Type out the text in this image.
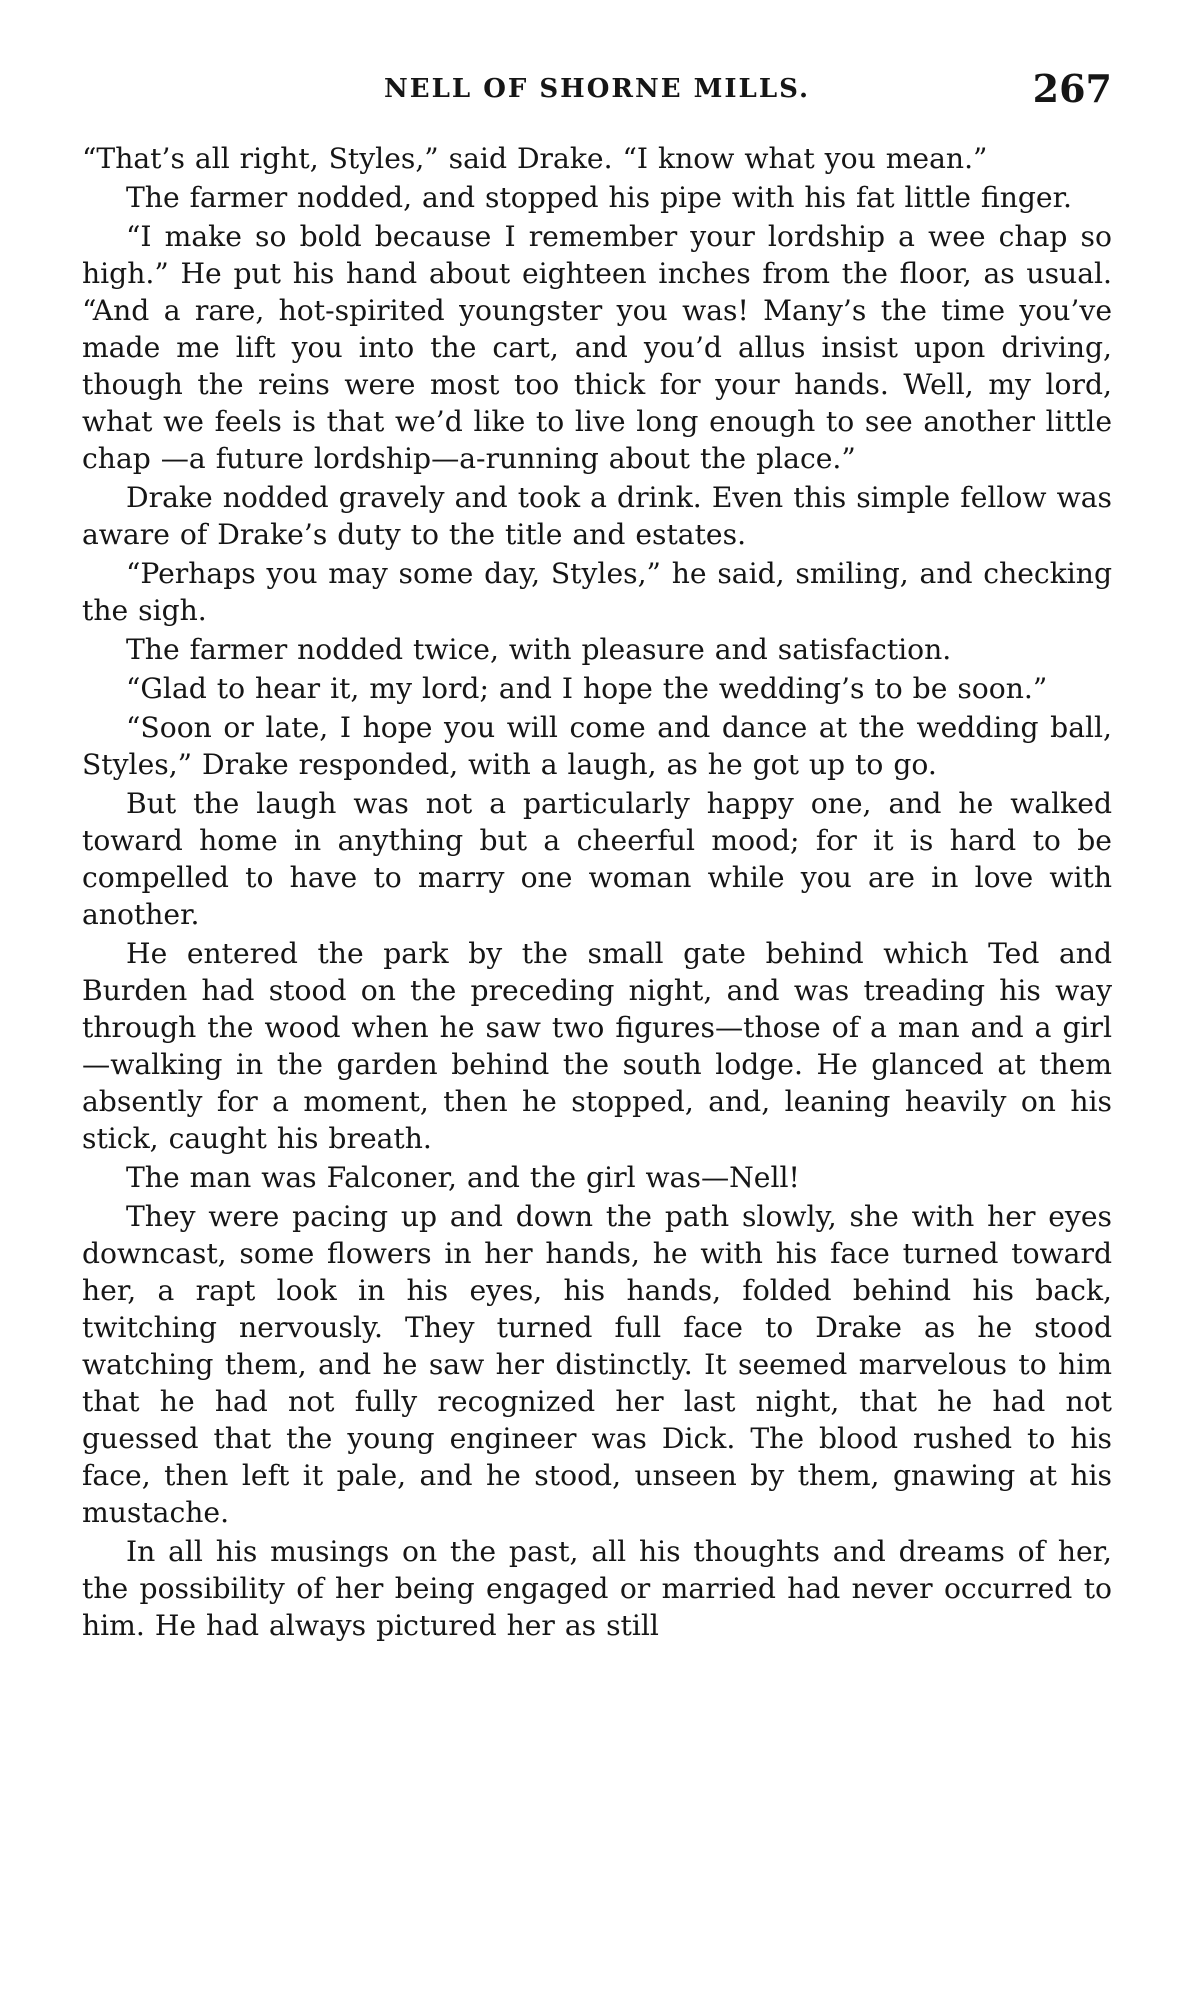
NELL OF SHORNE MILLS.	267

“That’s all right, Styles,” said Drake. “I know what you mean.”

The farmer nodded, and stopped his pipe with his fat little finger.

“I make so bold because I remember your lordship a wee chap so high.” He put his hand about eighteen inches from the floor, as usual. “And a rare, hot-spirited youngster you was! Many’s the time you’ve made me lift you into the cart, and you’d allus insist upon driving, though the reins were most too thick for your hands. Well, my lord, what we feels is that we’d like to live long enough to see another little chap —a future lordship—a-running about the place.”

Drake nodded gravely and took a drink. Even this simple fellow was aware of Drake’s duty to the title and estates.

“Perhaps you may some day, Styles,” he said, smiling, and checking the sigh.

The farmer nodded twice, with pleasure and satisfaction.

“Glad to hear it, my lord; and I hope the wedding’s to be soon.”

“Soon or late, I hope you will come and dance at the wedding ball, Styles,” Drake responded, with a laugh, as he got up to go.

But the laugh was not a particularly happy one, and he walked toward home in anything but a cheerful mood; for it is hard to be compelled to have to marry one woman while you are in love with another.

He entered the park by the small gate behind which Ted and Burden had stood on the preceding night, and was treading his way through the wood when he saw two figures—those of a man and a girl—walking in the garden behind the south lodge. He glanced at them absently for a moment, then he stopped, and, leaning heavily on his stick, caught his breath.

The man was Falconer, and the girl was—Nell!

They were pacing up and down the path slowly, she with her eyes downcast, some flowers in her hands, he with his face turned toward her, a rapt look in his eyes, his hands, folded behind his back, twitching nervously. They turned full face to Drake as he stood watching them, and he saw her distinctly. It seemed marvelous to him that he had not fully recognized her last night, that he had not guessed that the young engineer was Dick. The blood rushed to his face, then left it pale, and he stood, unseen by them, gnawing at his mustache.

In all his musings on the past, all his thoughts and dreams of her, the possibility of her being engaged or married had never occurred to him. He had always pictured her as still
